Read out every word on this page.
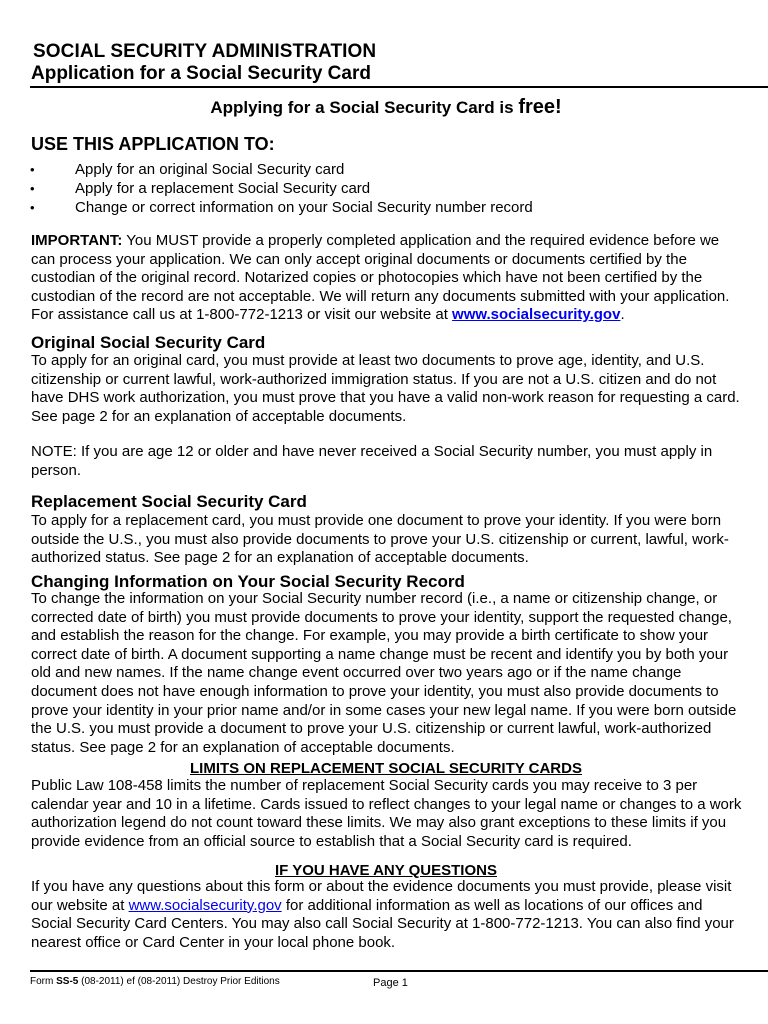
SOCIAL SECURITY ADMINISTRATION
Application for a Social Security Card
Applying for a Social Security Card is free!
USE THIS APPLICATION TO:
•	Apply for an original Social Security card
•	Apply for a replacement Social Security card
•	Change or correct information on your Social Security number record
IMPORTANT: You MUST provide a properly completed application and the required evidence before we can process your application. We can only accept original documents or documents certified by the custodian of the original record. Notarized copies or photocopies which have not been certified by the custodian of the record are not acceptable. We will return any documents submitted with your application. For assistance call us at 1-800-772-1213 or visit our website at www.socialsecurity.gov.
Original Social Security Card
To apply for an original card, you must provide at least two documents to prove age, identity, and U.S. citizenship or current lawful, work-authorized immigration status. If you are not a U.S. citizen and do not have DHS work authorization, you must prove that you have a valid non-work reason for requesting a card. See page 2 for an explanation of acceptable documents.
NOTE: If you are age 12 or older and have never received a Social Security number, you must apply in person.
Replacement Social Security Card
To apply for a replacement card, you must provide one document to prove your identity. If you were born outside the U.S., you must also provide documents to prove your U.S. citizenship or current, lawful, work-authorized status. See page 2 for an explanation of acceptable documents.
Changing Information on Your Social Security Record
To change the information on your Social Security number record (i.e., a name or citizenship change, or corrected date of birth) you must provide documents to prove your identity, support the requested change, and establish the reason for the change. For example, you may provide a birth certificate to show your correct date of birth. A document supporting a name change must be recent and identify you by both your old and new names. If the name change event occurred over two years ago or if the name change document does not have enough information to prove your identity, you must also provide documents to prove your identity in your prior name and/or in some cases your new legal name. If you were born outside the U.S. you must provide a document to prove your U.S. citizenship or current lawful, work-authorized status. See page 2 for an explanation of acceptable documents.
LIMITS ON REPLACEMENT SOCIAL SECURITY CARDS
Public Law 108-458 limits the number of replacement Social Security cards you may receive to 3 per calendar year and 10 in a lifetime. Cards issued to reflect changes to your legal name or changes to a work authorization legend do not count toward these limits. We may also grant exceptions to these limits if you provide evidence from an official source to establish that a Social Security card is required.
IF YOU HAVE ANY QUESTIONS
If you have any questions about this form or about the evidence documents you must provide, please visit our website at www.socialsecurity.gov for additional information as well as locations of our offices and Social Security Card Centers. You may also call Social Security at 1-800-772-1213. You can also find your nearest office or Card Center in your local phone book.
Form SS-5 (08-2011) ef (08-2011) Destroy Prior Editions	Page 1
